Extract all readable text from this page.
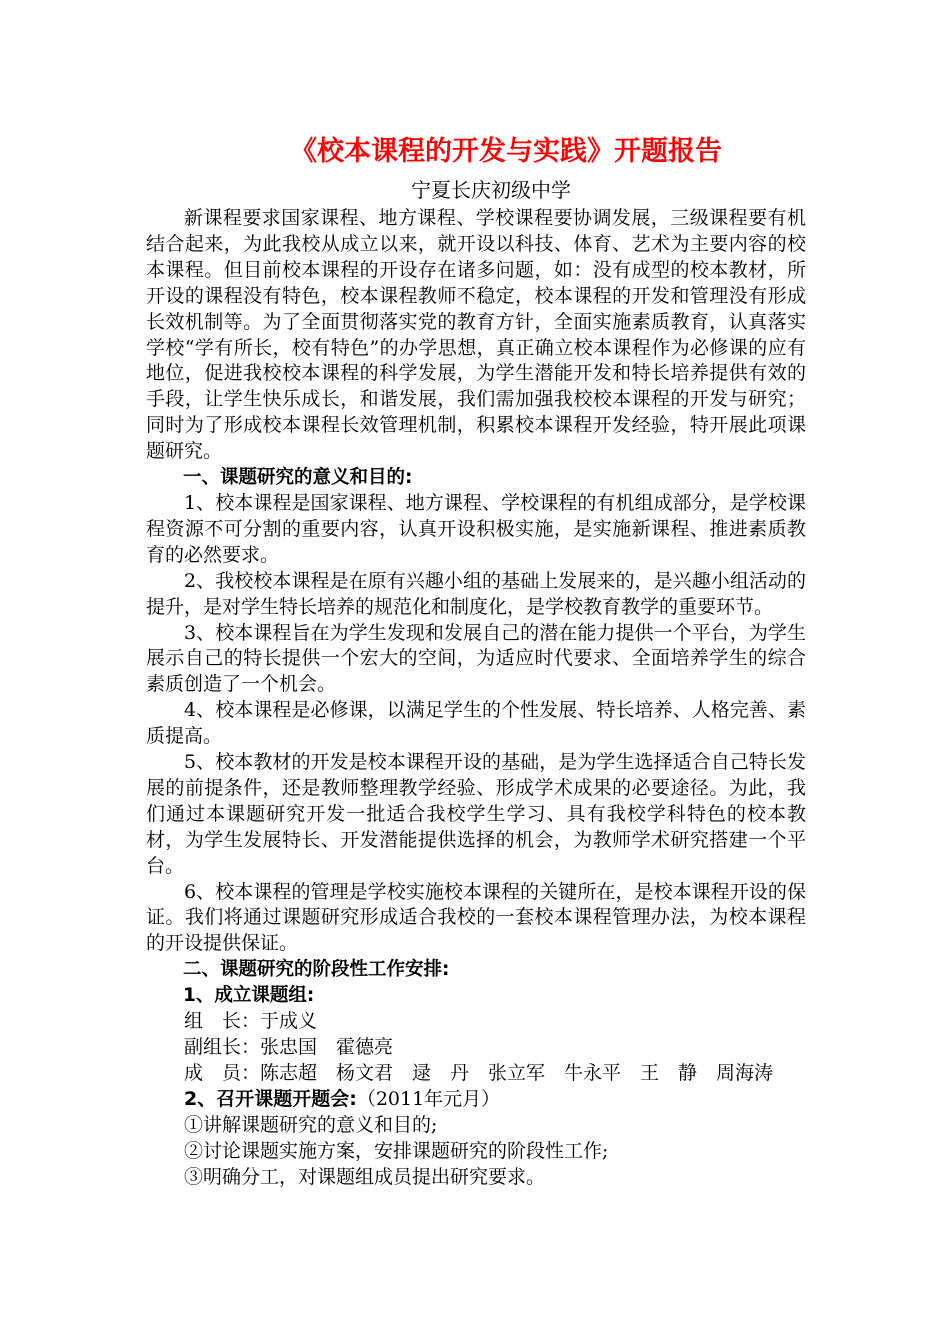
《校本课程的开发与实践》开题报告
宁夏长庆初级中学

新课程要求国家课程、地方课程、学校课程要协调发展，三级课程要有机结合起来，为此我校从成立以来，就开设以科技、体育、艺术为主要内容的校本课程。但目前校本课程的开设存在诸多问题，如：没有成型的校本教材，所开设的课程没有特色，校本课程教师不稳定，校本课程的开发和管理没有形成长效机制等。为了全面贯彻落实党的教育方针，全面实施素质教育，认真落实学校“学有所长，校有特色”的办学思想，真正确立校本课程作为必修课的应有地位，促进我校校本课程的科学发展，为学生潜能开发和特长培养提供有效的手段，让学生快乐成长，和谐发展，我们需加强我校校本课程的开发与研究；同时为了形成校本课程长效管理机制，积累校本课程开发经验，特开展此项课题研究。

一、课题研究的意义和目的:

1、校本课程是国家课程、地方课程、学校课程的有机组成部分，是学校课程资源不可分割的重要内容，认真开设积极实施，是实施新课程、推进素质教育的必然要求。

2、我校校本课程是在原有兴趣小组的基础上发展来的，是兴趣小组活动的提升，是对学生特长培养的规范化和制度化，是学校教育教学的重要环节。

3、校本课程旨在为学生发现和发展自己的潜在能力提供一个平台，为学生展示自己的特长提供一个宏大的空间，为适应时代要求、全面培养学生的综合素质创造了一个机会。

4、校本课程是必修课，以满足学生的个性发展、特长培养、人格完善、素质提高。

5、校本教材的开发是校本课程开设的基础，是为学生选择适合自己特长发展的前提条件，还是教师整理教学经验、形成学术成果的必要途径。为此，我们通过本课题研究开发一批适合我校学生学习、具有我校学科特色的校本教材，为学生发展特长、开发潜能提供选择的机会，为教师学术研究搭建一个平台。

6、校本课程的管理是学校实施校本课程的关键所在，是校本课程开设的保证。我们将通过课题研究形成适合我校的一套校本课程管理办法，为校本课程的开设提供保证。

二、课题研究的阶段性工作安排:

1、成立课题组:

组　长：于成义

副组长：张忠国　霍德亮

成　员：陈志超　杨文君　逯　丹　张立军　牛永平　王　静　周海涛

2、召开课题开题会:（2011年元月）

①讲解课题研究的意义和目的;

②讨论课题实施方案，安排课题研究的阶段性工作;

③明确分工，对课题组成员提出研究要求。
